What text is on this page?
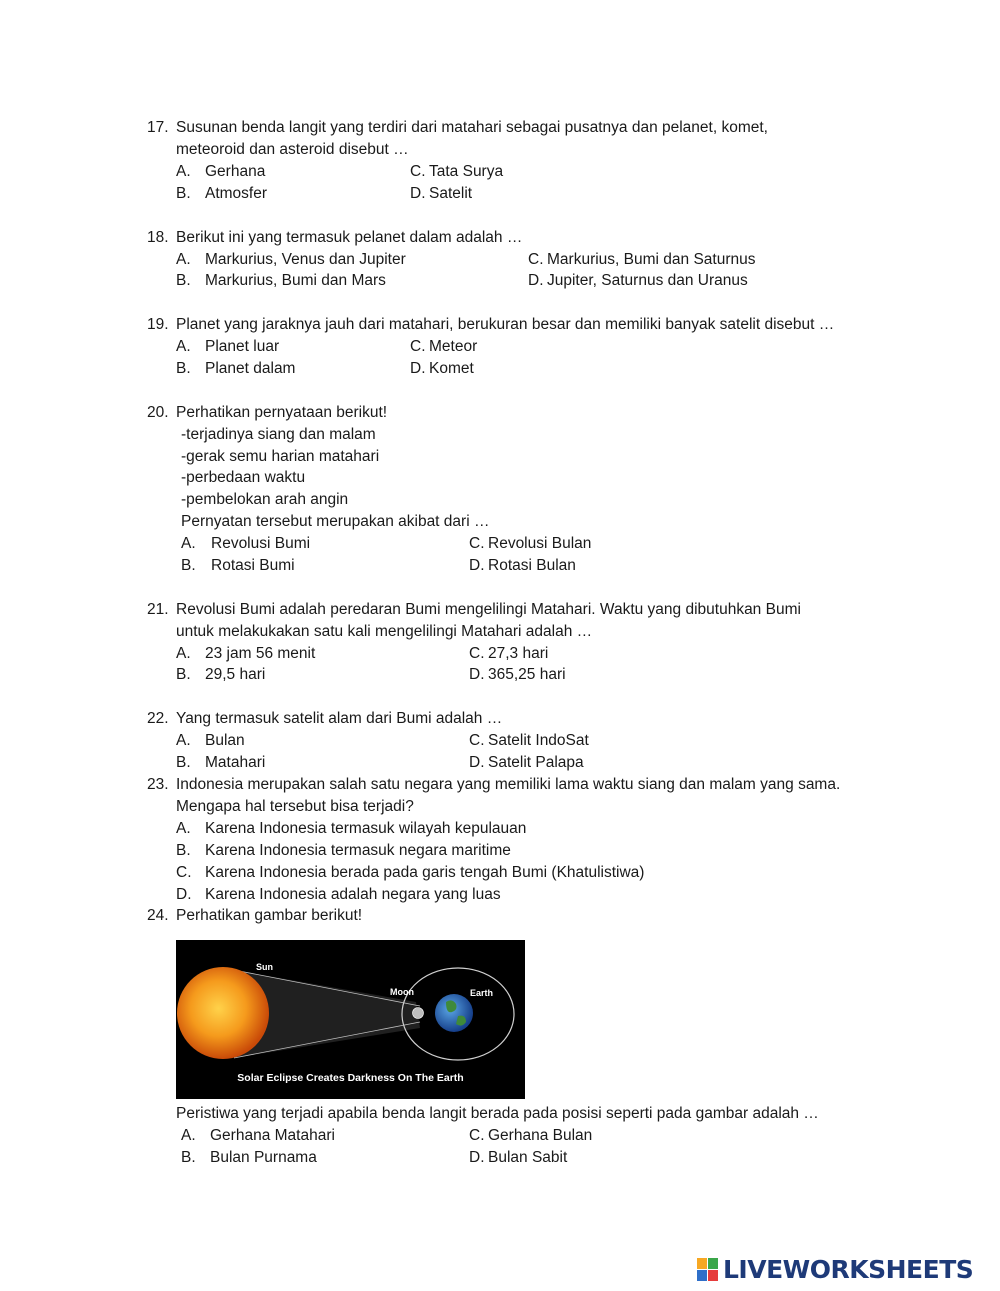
17. Susunan benda langit yang terdiri dari matahari sebagai pusatnya dan pelanet, komet,
meteoroid dan asteroid disebut …
A. Gerhana	C. Tata Surya
B. Atmosfer	D. Satelit
18. Berikut ini yang termasuk pelanet dalam adalah …
A. Markurius, Venus dan Jupiter	C. Markurius, Bumi dan Saturnus
B. Markurius, Bumi dan Mars	D. Jupiter, Saturnus dan Uranus
19. Planet yang jaraknya jauh dari matahari, berukuran besar dan memiliki banyak satelit disebut …
A. Planet luar	C. Meteor
B. Planet dalam	D. Komet
20. Perhatikan pernyataan berikut!
-terjadinya siang dan malam
-gerak semu harian matahari
-perbedaan waktu
-pembelokan arah angin
Pernyatan tersebut merupakan akibat dari …
A. Revolusi Bumi	C. Revolusi Bulan
B. Rotasi Bumi	D. Rotasi Bulan
21. Revolusi Bumi adalah peredaran Bumi mengelilingi Matahari. Waktu yang dibutuhkan Bumi
untuk melakukakan satu kali mengelilingi Matahari adalah …
A. 23 jam 56 menit	C. 27,3 hari
B. 29,5 hari	D. 365,25 hari
22. Yang termasuk satelit alam dari Bumi adalah …
A. Bulan	C. Satelit IndoSat
B. Matahari	D. Satelit Palapa
23. Indonesia merupakan salah satu negara yang memiliki lama waktu siang dan malam yang sama.
Mengapa hal tersebut bisa terjadi?
A. Karena Indonesia termasuk wilayah kepulauan
B. Karena Indonesia termasuk negara maritime
C. Karena Indonesia berada pada garis tengah Bumi (Khatulistiwa)
D. Karena Indonesia adalah negara yang luas
24. Perhatikan gambar berikut!
Sun
Moon	Earth
Solar Eclipse Creates Darkness On The Earth
Peristiwa yang terjadi apabila benda langit berada pada posisi seperti pada gambar adalah …
A. Gerhana Matahari	C. Gerhana Bulan
B. Bulan Purnama	D. Bulan Sabit
LIVEWORKSHEETS
